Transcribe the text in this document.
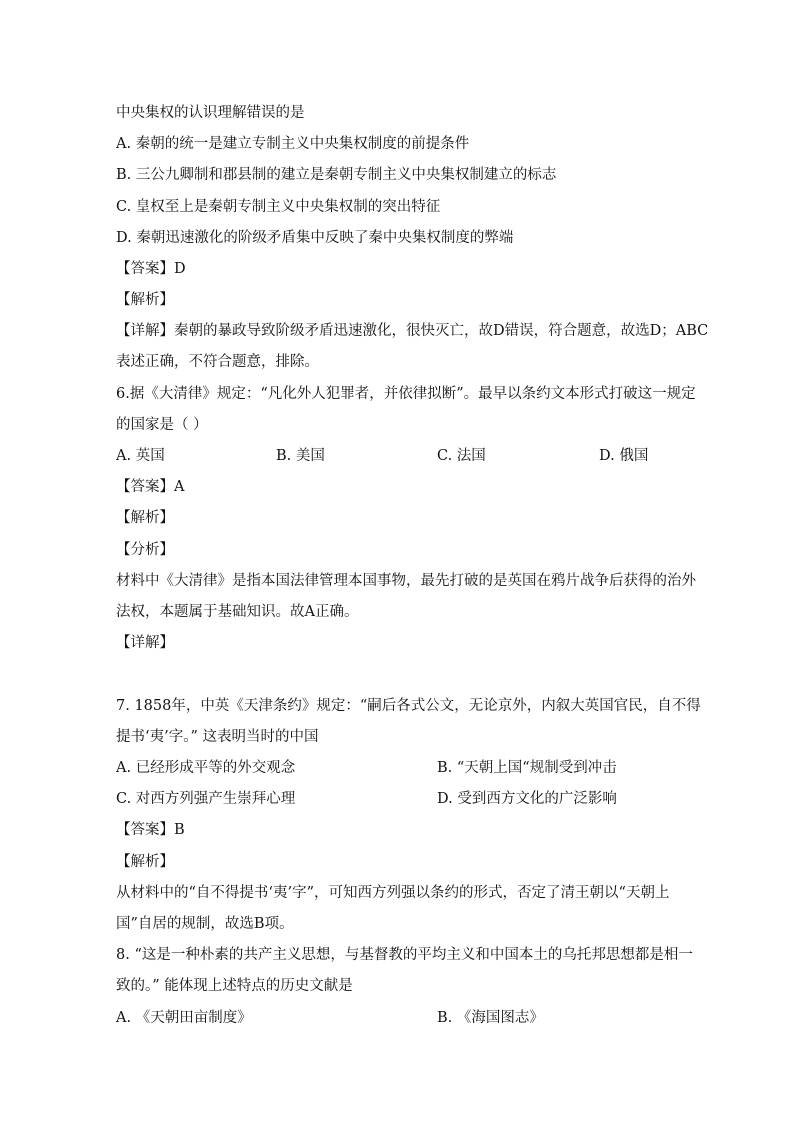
中央集权的认识理解错误的是
A. 秦朝的统一是建立专制主义中央集权制度的前提条件
B. 三公九卿制和郡县制的建立是秦朝专制主义中央集权制建立的标志
C. 皇权至上是秦朝专制主义中央集权制的突出特征
D. 秦朝迅速激化的阶级矛盾集中反映了秦中央集权制度的弊端
【答案】D
【解析】
【详解】秦朝的暴政导致阶级矛盾迅速激化，很快灭亡，故D错误，符合题意，故选D；ABC
表述正确，不符合题意，排除。
6.据《大清律》规定：“凡化外人犯罪者，并依律拟断”。最早以条约文本形式打破这一规定
的国家是（ ）
A. 英国	B. 美国	C. 法国	D. 俄国
【答案】A
【解析】
【分析】
材料中《大清律》是指本国法律管理本国事物，最先打破的是英国在鸦片战争后获得的治外
法权，本题属于基础知识。故A正确。
【详解】
7. 1858年，中英《天津条约》规定：“嗣后各式公文，无论京外，内叙大英国官民，自不得
提书‘夷’字。” 这表明当时的中国
A. 已经形成平等的外交观念	B. “天朝上国“规制受到冲击
C. 对西方列强产生崇拜心理	D. 受到西方文化的广泛影响
【答案】B
【解析】
从材料中的“自不得提书‘夷’字”，可知西方列强以条约的形式，否定了清王朝以“天朝上
国”自居的规制，故选B项。
8. “这是一种朴素的共产主义思想，与基督教的平均主义和中国本土的乌托邦思想都是相一
致的。” 能体现上述特点的历史文献是
A. 《天朝田亩制度》	B. 《海国图志》
